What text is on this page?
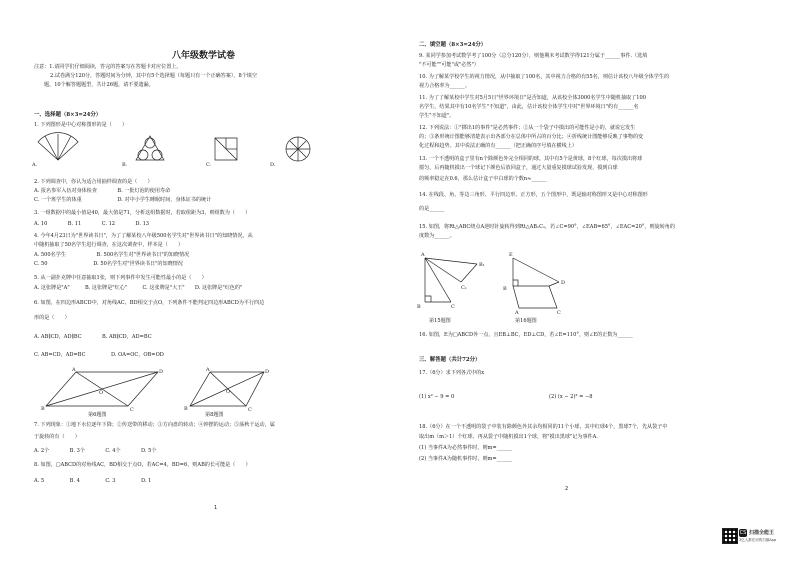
八年级数学试卷
注意：1.请同学们仔细阅读，答完的答案写在答题卡对应位置上。
2.试卷满分120分，答题时间为分钟，其中有5个选择题（每题只有一个正确答案），8个填空
题，10个解答题题型，共计26题，请不要遗漏。
一、选择题（8×3=24分）
1. 下列图形是中心对称图形的是（　　）
A.	B.	C.	D.
2. 下列调查中，你认为适合用抽样调查的是（　　）
A. 报名参军入伍对身体检查　　　　B. 一批灯泡的使用寿命
C. 一个班学生的体重　　　　　　　D. 对中小学生睡眠时间，身体证书的统计
3. 一组数据中的最小值是40，最大值是71，分析这组数据时，若取组距为3，则组数为（　　）
A. 10　　　　B. 11　　　　C. 12　　　　D. 13
4. 今年4月23日为"世界读书日"，为了了解某校八年级500名学生对"世界读书日"的知晓情况，从
中随机抽取了50名学生进行调查，在这次调查中，样本是（　　）
A. 500名学生　　　　　　B. 500名学生对"世界读书日"的知晓情况
C. 50　　　　　　　　　D. 50名学生对"世界读书日"的知晓情况
5. 从一副扑克牌中任意抽取1张，则下列事件中发生可能性最小的是（　　）
A. 这张牌是"A"　　　B. 这张牌是"红心"　　　C. 这张牌是"大王"　　D. 这张牌是"红色的"
6. 如图，在四边形ABCD中，对角线AC、BD相交于点O，下列条件不能判定四边形ABCD为平行四边
形的是（　　）
A. AB∥CD，AD∥BC　　　　B. AB∥CD，AD=BC
C. AB=CD，AD=BC　　　　　D. OA=OC，OB=OD
A	D
B	C
O
第6题图
A	D
B	C
O
第8题图
7. 下列现象：①地下水位逐年下降；②传送带的移动；③方向盘的转动；④钟摆的运动；⑤荡秋千运动，属
于旋转的有（　　）
A. 2个　　　　B. 3个　　　　C. 4个　　　　D. 5个
8. 如图，□ABCD的对角线AC，BD相交于点O，若AC=4，BD=6，则AB的长可能是（　　）
A. 5　　　　　B. 4　　　　　C. 3　　　　　D. 1
1
二、填空题（8×3=24分）
9. 某同学参加考试数学考了100分（总分120分），则他期末考试数学得121分属于______事件.（选填
"不可能""可能"或"必然"）
10. 为了解某学校学生的视力情况，从中抽取了100名，其中视力合格的有55名，则估计该校八年级全体学生的
视力合格率为______。
11. 为了了解某校中学生对5月5日"世界环境日"是否知道，从该校全体3000名学生中随机抽取了100
名学生，结果其中有10名学生"不知道"，由此，估计该校全体学生中对"世界环境日"约有______名
学生"不知道"。
12. 下列说法：①"掷出1的事件"是必然事件；②从一个袋子中摸出的可能性是小的，就说它发生
的；③条形统计图能够清楚表示出各部分在总体中所占的百分比；④折线统计图能够反映了事物的变
化过程和趋势。其中说法正确的有______（把正确的序号填在横线上）
13. 一个不透明的盒子里有n个除颜色外完全相同的球，其中有5个是黄球，8个红球，每次摸出将球
搅匀，后再随机摸出一个球记下颜色后放回盒子，通过大量重复摸球试验发现，摸到白球
的频率稳定在0.6，那么估计盒子中白球的个数n≈______
14. 在线段、角、等边三角形、平行四边形、正方形，五个图形中，既是轴对称图形又是中心对称图形
的是______
15. 如图，将Rt△ABC绕点A逆时针旋转得到Rt△AB₁C₁，若∠C=90°，∠EAB=65°，∠EAC=20°，则旋转角的
度数为______。
A
B₁
C₁
B	C
第15题图
E
B
D
A	C
第16题图
16. 如图，E为□ABCD外一点，且EB⊥BC，ED⊥CD，若∠E=110°，则∠E的正数为______
三、解答题（共计72分）
17.（6分）求下列各式中的x
(1) x² − 9 = 0	(2) (x − 2)³ = −8
18.（6分）在一个不透明的袋子中装有除颜色外其余均相同的11个小球，其中红球4个，黑球7个，先从袋子中
取出m（m＞1）个红球，再从袋子中随机摸出1个球，将"摸出黑球"记为事件A.
(1) 当事件A为必然事件时，则m=______
(2) 当事件A为随机事件时，则m=______
2
CS 扫描全能王
3亿人都在用的扫描App
